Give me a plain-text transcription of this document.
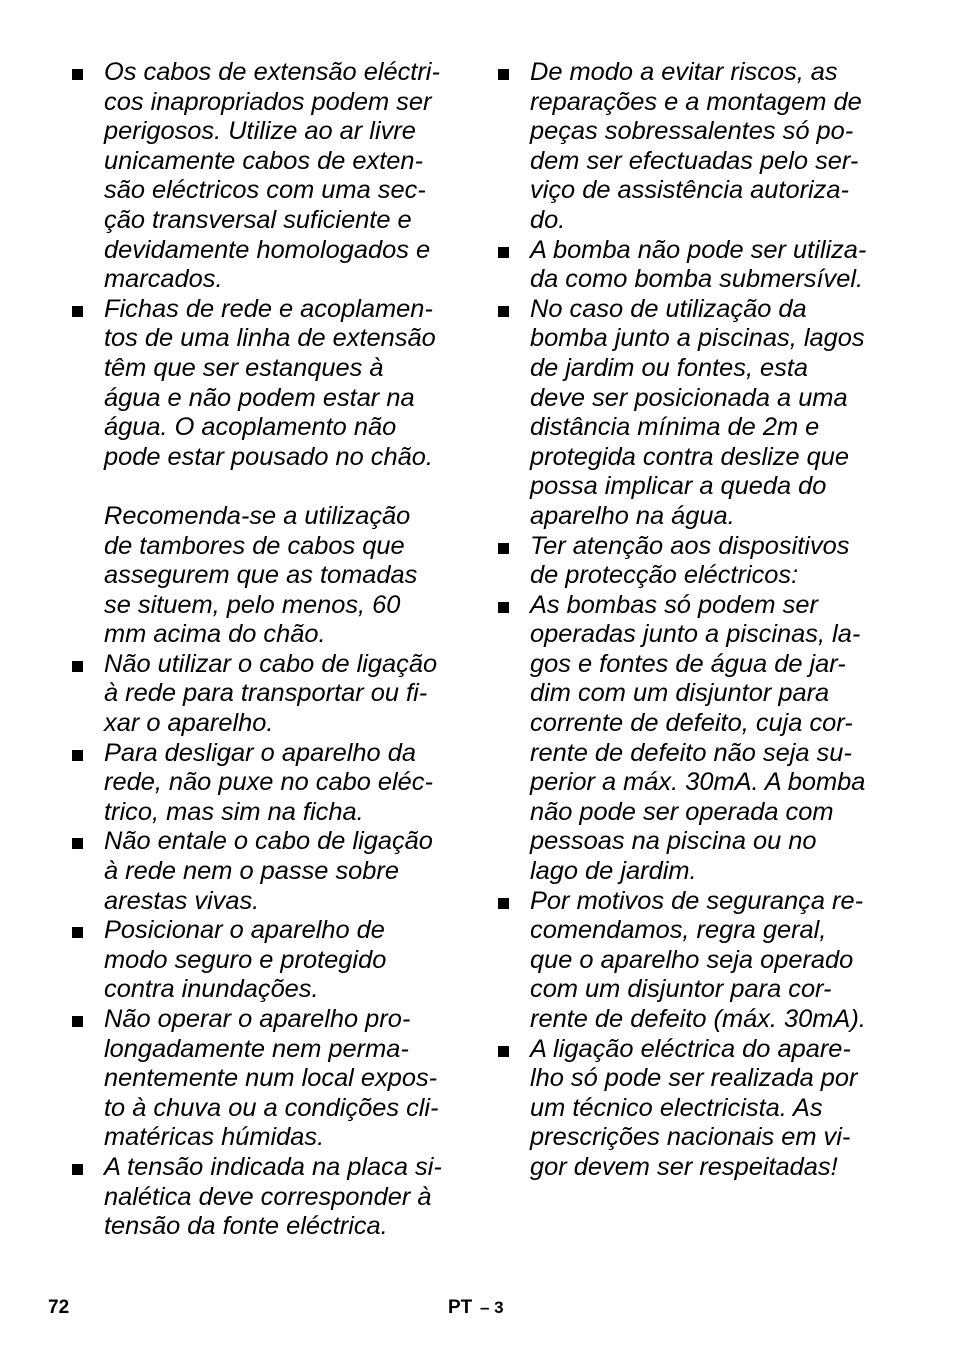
Os cabos de extensão eléctri-
cos inapropriados podem ser
perigosos. Utilize ao ar livre
unicamente cabos de exten-
são eléctricos com uma sec-
ção transversal suficiente e
devidamente homologados e
marcados.
Fichas de rede e acoplamen-
tos de uma linha de extensão
têm que ser estanques à
água e não podem estar na
água. O acoplamento não
pode estar pousado no chão.
Recomenda-se a utilização
de tambores de cabos que
assegurem que as tomadas
se situem, pelo menos, 60
mm acima do chão.
Não utilizar o cabo de ligação
à rede para transportar ou fi-
xar o aparelho.
Para desligar o aparelho da
rede, não puxe no cabo eléc-
trico, mas sim na ficha.
Não entale o cabo de ligação
à rede nem o passe sobre
arestas vivas.
Posicionar o aparelho de
modo seguro e protegido
contra inundações.
Não operar o aparelho pro-
longadamente nem perma-
nentemente num local expos-
to à chuva ou a condições cli-
matéricas húmidas.
A tensão indicada na placa si-
nalética deve corresponder à
tensão da fonte eléctrica.
De modo a evitar riscos, as
reparações e a montagem de
peças sobressalentes só po-
dem ser efectuadas pelo ser-
viço de assistência autoriza-
do.
A bomba não pode ser utiliza-
da como bomba submersível.
No caso de utilização da
bomba junto a piscinas, lagos
de jardim ou fontes, esta
deve ser posicionada a uma
distância mínima de 2m e
protegida contra deslize que
possa implicar a queda do
aparelho na água.
Ter atenção aos dispositivos
de protecção eléctricos:
As bombas só podem ser
operadas junto a piscinas, la-
gos e fontes de água de jar-
dim com um disjuntor para
corrente de defeito, cuja cor-
rente de defeito não seja su-
perior a máx. 30mA. A bomba
não pode ser operada com
pessoas na piscina ou no
lago de jardim.
Por motivos de segurança re-
comendamos, regra geral,
que o aparelho seja operado
com um disjuntor para cor-
rente de defeito (máx. 30mA).
A ligação eléctrica do apare-
lho só pode ser realizada por
um técnico electricista. As
prescrições nacionais em vi-
gor devem ser respeitadas!
72	PT – 3
